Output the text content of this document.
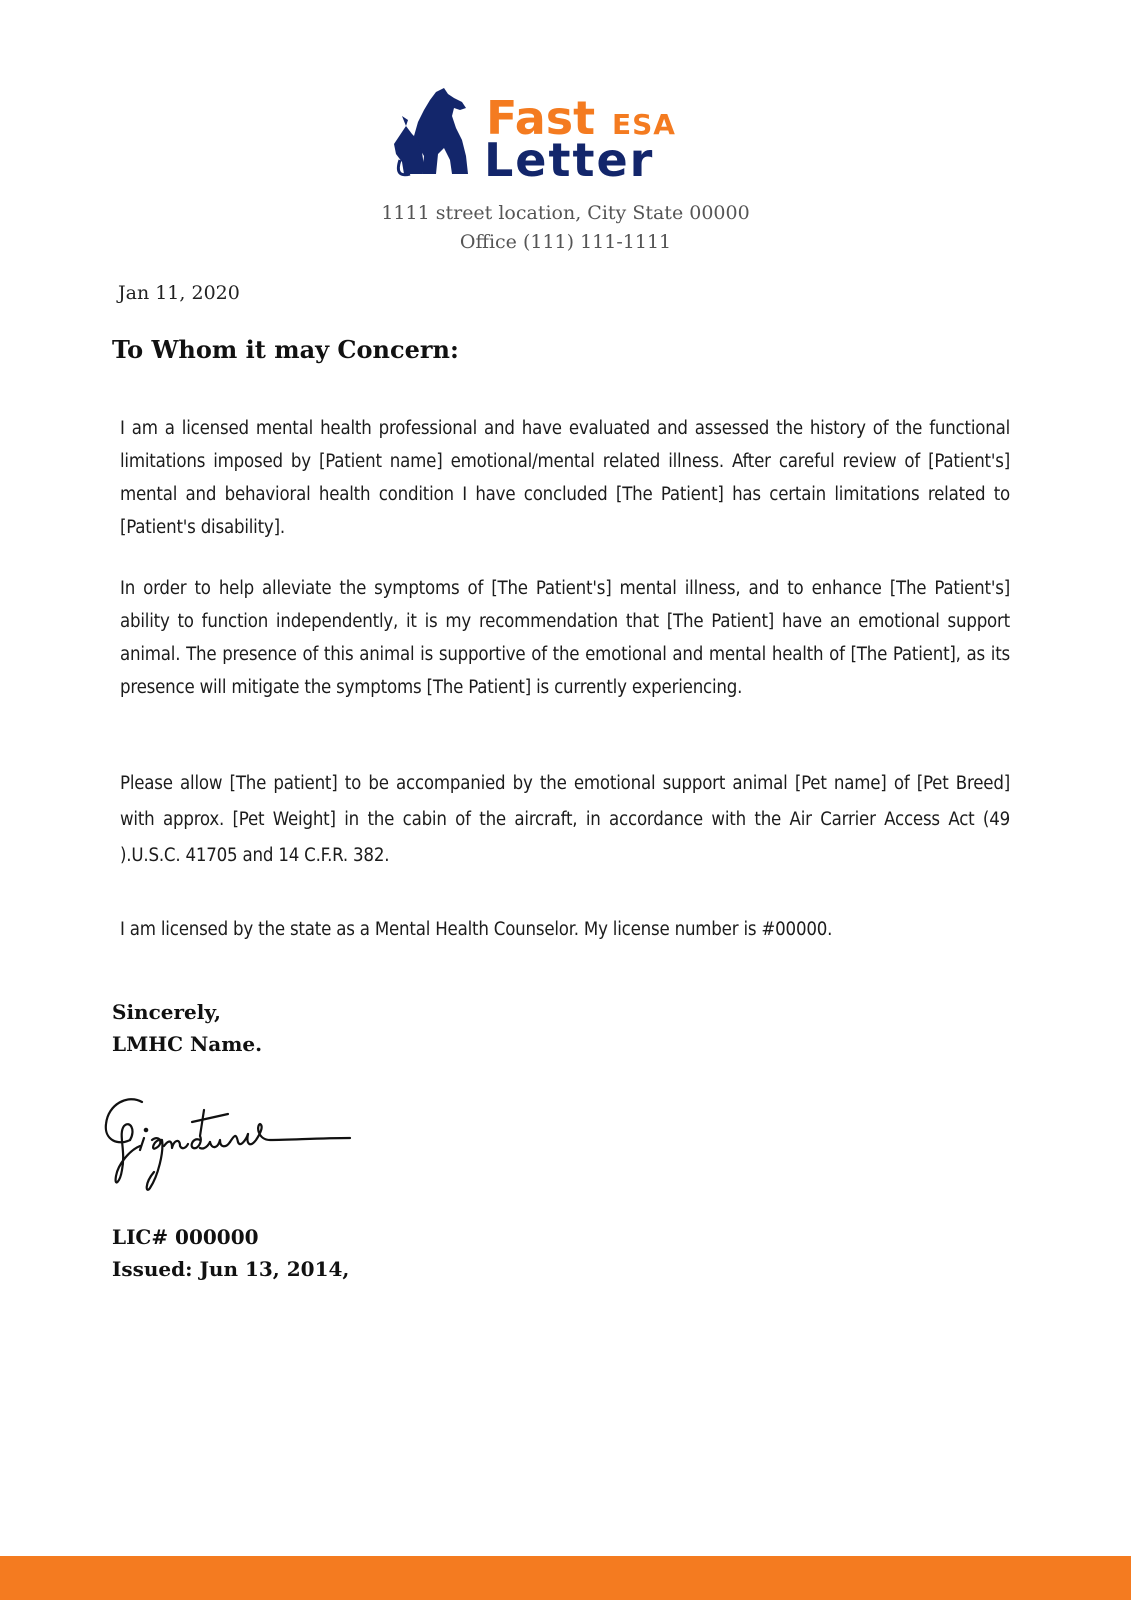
Fast ESA
Letter
1111 street location, City State 00000
Office (111) 111-1111
Jan 11, 2020
To Whom it may Concern:

I am a licensed mental health professional and have evaluated and assessed the history of the functional limitations imposed by [Patient name] emotional/mental related illness. After careful review of [Patient's] mental and behavioral health condition I have concluded [The Patient] has certain limitations related to [Patient's disability].

In order to help alleviate the symptoms of [The Patient's] mental illness, and to enhance [The Patient's] ability to function independently, it is my recommendation that [The Patient] have an emotional support animal. The presence of this animal is supportive of the emotional and mental health of [The Patient], as its presence will mitigate the symptoms [The Patient] is currently experiencing.

Please allow [The patient] to be accompanied by the emotional support animal [Pet name] of [Pet Breed] with approx. [Pet Weight] in the cabin of the aircraft, in accordance with the Air Carrier Access Act (49 ).U.S.C. 41705 and 14 C.F.R. 382.

I am licensed by the state as a Mental Health Counselor. My license number is #00000.

Sincerely,
LMHC Name.
LIC# 000000
Issued: Jun 13, 2014,
